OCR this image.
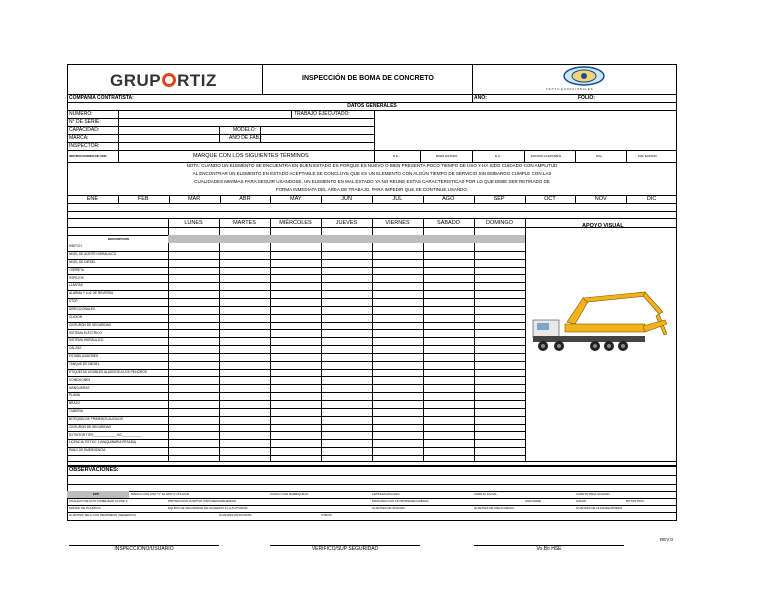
GRUP RTIZ	INSPECCIÓN DE BOMA DE CONCRETO
T E X T I L E S N A C I O N A L E S
COMPAÑÍA CONTRATISTA:	AÑO:	FOLIO:
DATOS GENERALES
NUMERO:	TRABAJO EJECUTADO:
N° DE SERIE:
CAPACIDAD:	MODELO:
MARCA:	AÑO DE FAB.:
INSPECTOR:
INSTRUCCIONES DE USO:	MARQUE CON LOS SIGUIENTES TÉRMINOS	B.E.:	BUEN ESTADO	E.A.:	ESTADO ACEPTABLE	M.E.:	MAL ESTADO
NOTA: CUANDO UN ELEMENTO SE ENCUENTRA EN BUEN ESTADO ES PORQUE ES NUEVO O BIEN PRESENTA POCO TIEMPO DE USO Y HA SIDO CUIDADO CON AMPLITUD
AL ENCONTRAR UN ELEMENTO EN ESTADO ACEPTABLE SE CONCLUYE QUE ES UN ELEMENTO CON ALGÚN TIEMPO DE SERVICIO SIN EMBARGO CUMPLE CON LAS
CUALIDADES MINIMAS PARA SEGUIR USANDOSE, UN ELEMENTO EN MAL ESTADO YA NO REUNE ESTAS CARACTERISTICAS POR LO QUE DEBE SER RETIRADO DE
FORMA INMEDIATA DEL ÁREA DE TRABAJO, PARA IMPEDIR QUE SE CONTINUE USANDO.
ENE	FEB	MAR	ABR	MAY	JUN	JUL	AGO	SEP	OCT	NOV	DIC
LUNES	MARTES	MIÉRCOLES	JUEVES	VIERNES	SÁBADO	DOMINGO	APOYO VISUAL
DESCRIPCION
SWITCH
NIVEL DE ACEITE HIDRÁULICO
NIVEL DE DIESEL
TORRETA
ESPEJOS
LLANTAS
ALARMA Y LUZ DE REVERSA
STOP
DIRECCIONALES
CLAXON
CINTURÓN DE SEGURIDAD
SISTEMA ELÉCTRICO
SISTEMA HIDRÁULICO
CALZAS
ESTABILIZADORES
TANQUE DE DIESEL
ETIQUETAS LEGIBLES ALUSIVOS A LOS PELIGROS
CONEXIONES
MANGUERAS
PLUMA
BRAZO
TUBERIA
BOTIQUÍN DE PRIMEROS AUXILIOS
CINTURÓN DE SEGURIDAD
EXTINTOR TIPO_____________ KG___________
LICENCIA T/ST DC 3 (MAQUINARIA PESADA)
PANO DE EMERGENCIA
OBSERVACIONES:
EPP	MARCA CON UNA "X" EL EPP A UTILIZAR	CASCO CON BARBIQUEJO	LENTES/GOGGLES	CAREТA FACIAL	CARETA PARA SOLDAR
CHALECO DE ALTA VISIBILIDAD CLASE II	PROTECCIÓN AUDITIVA (TAPONES/OREJERAS)	MASCARA CON FILTRO/DESECHABLES	UNIFORME	GAFAS	BOTAS TIPO:
MANDIL DE PLASTICO	EQUIPO DE SEGURIDAD DE ACUERDO A LA ACTIVIDAD	GUANTES DE SOLDAR	GUANTES DE PIEL/CARAZA	GUANTES DE HULE/NEOPRENO
GUANTES TELA CON NEOPRENO (GENERICO)	GUANTES ANTICORTE	OTROS:
REV 0
INSPECCIONÓ/USUARIO	VERIFICÓ/SUP SEGURIDAD	Vo.Bo HSE
